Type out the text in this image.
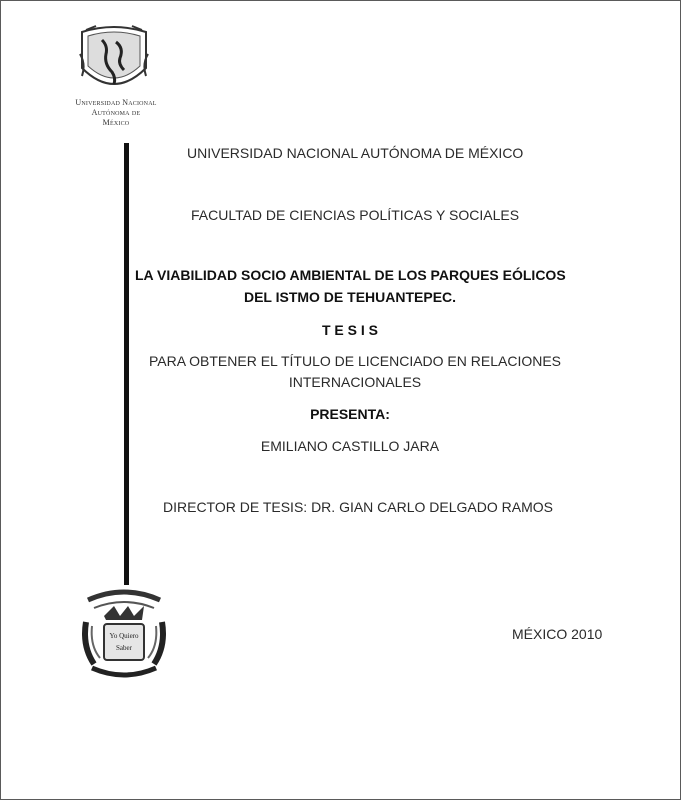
Universidad Nacional
Autónoma de
México
Yo Quiero
Saber
UNIVERSIDAD NACIONAL AUTÓNOMA DE MÉXICO
FACULTAD DE CIENCIAS POLÍTICAS Y SOCIALES
LA VIABILIDAD SOCIO AMBIENTAL DE LOS PARQUES EÓLICOS
DEL ISTMO DE TEHUANTEPEC.
T E S I S
PARA OBTENER EL TÍTULO DE LICENCIADO EN RELACIONES
INTERNACIONALES
PRESENTA:
EMILIANO CASTILLO JARA
DIRECTOR DE TESIS: DR. GIAN CARLO DELGADO RAMOS
MÉXICO 2010
